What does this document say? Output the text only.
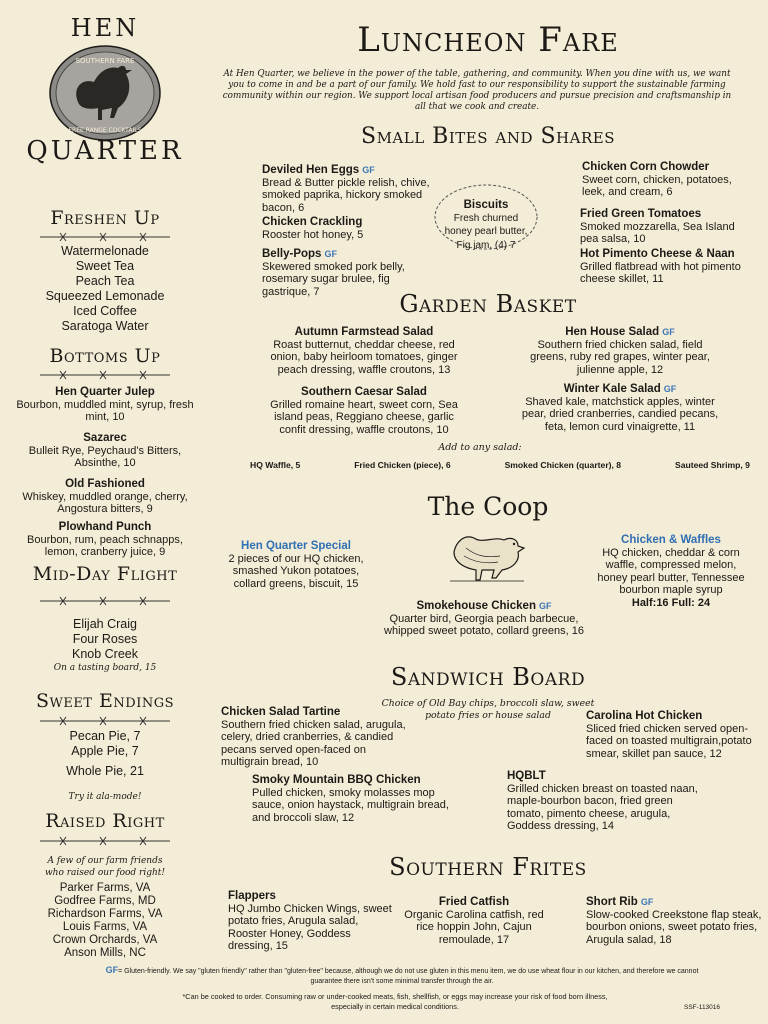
HEN
SOUTHERN FARE
FREE RANGE COCKTAILS
QUARTER
Freshen Up
Watermelonade
Sweet Tea
Peach Tea
Squeezed Lemonade
Iced Coffee
Saratoga Water
Bottoms Up
Hen Quarter Julep
Bourbon, muddled mint, syrup, fresh mint, 10
Sazarec
Bulleit Rye, Peychaud's Bitters, Absinthe, 10
Old Fashioned
Whiskey, muddled orange, cherry, Angostura bitters, 9
Plowhand Punch
Bourbon, rum, peach schnapps, lemon, cranberry juice, 9
Mid-Day Flight
Elijah Craig
Four Roses
Knob Creek
On a tasting board, 15
Sweet Endings
Pecan Pie, 7
Apple Pie, 7
Whole Pie, 21
Try it ala-mode!
Raised Right
A few of our farm friends
who raised our food right!
Parker Farms, VA
Godfree Farms, MD
Richardson Farms, VA
Louis Farms, VA
Crown Orchards, VA
Anson Mills, NC
Luncheon Fare
At Hen Quarter, we believe in the power of the table, gathering, and community. When you dine with us, we want you to come in and be a part of our family. We hold fast to our responsibility to support the sustainable farming community within our region. We support local artisan food producers and pursue precision and craftsmanship in all that we cook and create.
Small Bites and Shares
Deviled Hen Eggs GF
Bread & Butter pickle relish, chive, smoked paprika, hickory smoked bacon, 6
Chicken Crackling
Rooster hot honey, 5
Belly-Pops GF
Skewered smoked pork belly, rosemary sugar brulee, fig gastrique, 7
Biscuits
Fresh churned honey pearl butter, Fig jam, (4) 7
Chicken Corn Chowder
Sweet corn, chicken, potatoes, leek, and cream, 6
Fried Green Tomatoes
Smoked mozzarella, Sea Island pea salsa, 10
Hot Pimento Cheese & Naan
Grilled flatbread with hot pimento cheese skillet, 11
Garden Basket
Autumn Farmstead Salad
Roast butternut, cheddar cheese, red onion, baby heirloom tomatoes, ginger peach dressing, waffle croutons, 13
Southern Caesar Salad
Grilled romaine heart, sweet corn, Sea island peas, Reggiano cheese, garlic confit dressing, waffle croutons, 10
Hen House Salad GF
Southern fried chicken salad, field greens, ruby red grapes, winter pear, julienne apple, 12
Winter Kale Salad GF
Shaved kale, matchstick apples, winter pear, dried cranberries, candied pecans, feta, lemon curd vinaigrette, 11
Add to any salad:
HQ Waffle, 5	Fried Chicken (piece), 6	Smoked Chicken (quarter), 8	Sauteed Shrimp, 9
The Coop
Hen Quarter Special
2 pieces of our HQ chicken, smashed Yukon potatoes, collard greens, biscuit, 15
Chicken & Waffles
HQ chicken, cheddar & corn waffle, compressed melon, honey pearl butter, Tennessee bourbon maple syrup
Half:16 Full: 24
Smokehouse Chicken GF
Quarter bird, Georgia peach barbecue, whipped sweet potato, collard greens, 16
Sandwich Board
Choice of Old Bay chips, broccoli slaw, sweet potato fries or house salad
Chicken Salad Tartine
Southern fried chicken salad, arugula, celery, dried cranberries, & candied pecans served open-faced on multigrain bread, 10
Carolina Hot Chicken
Sliced fried chicken served open-faced on toasted multigrain,potato smear, skillet pan sauce, 12
Smoky Mountain BBQ Chicken
Pulled chicken, smoky molasses mop sauce, onion haystack, multigrain bread, and broccoli slaw, 12
HQBLT
Grilled chicken breast on toasted naan, maple-bourbon bacon, fried green tomato, pimento cheese, arugula, Goddess dressing, 14
Southern Frites
Flappers
HQ Jumbo Chicken Wings, sweet potato fries, Arugula salad, Rooster Honey, Goddess dressing, 15
Fried Catfish
Organic Carolina catfish, red rice hoppin John, Cajun remoulade, 17
Short Rib GF
Slow-cooked Creekstone flap steak, bourbon onions, sweet potato fries, Arugula salad, 18
GF= Gluten-friendly. We say "gluten friendly" rather than "gluten-free" because, although we do not use gluten in this menu item, we do use wheat flour in our kitchen, and therefore we cannot guarantee there isn't some minimal transfer through the air.
*Can be cooked to order. Consuming raw or under-cooked meats, fish, shellfish, or eggs may increase your risk of food born illness, especially in certain medical conditions.	SSF-113016
